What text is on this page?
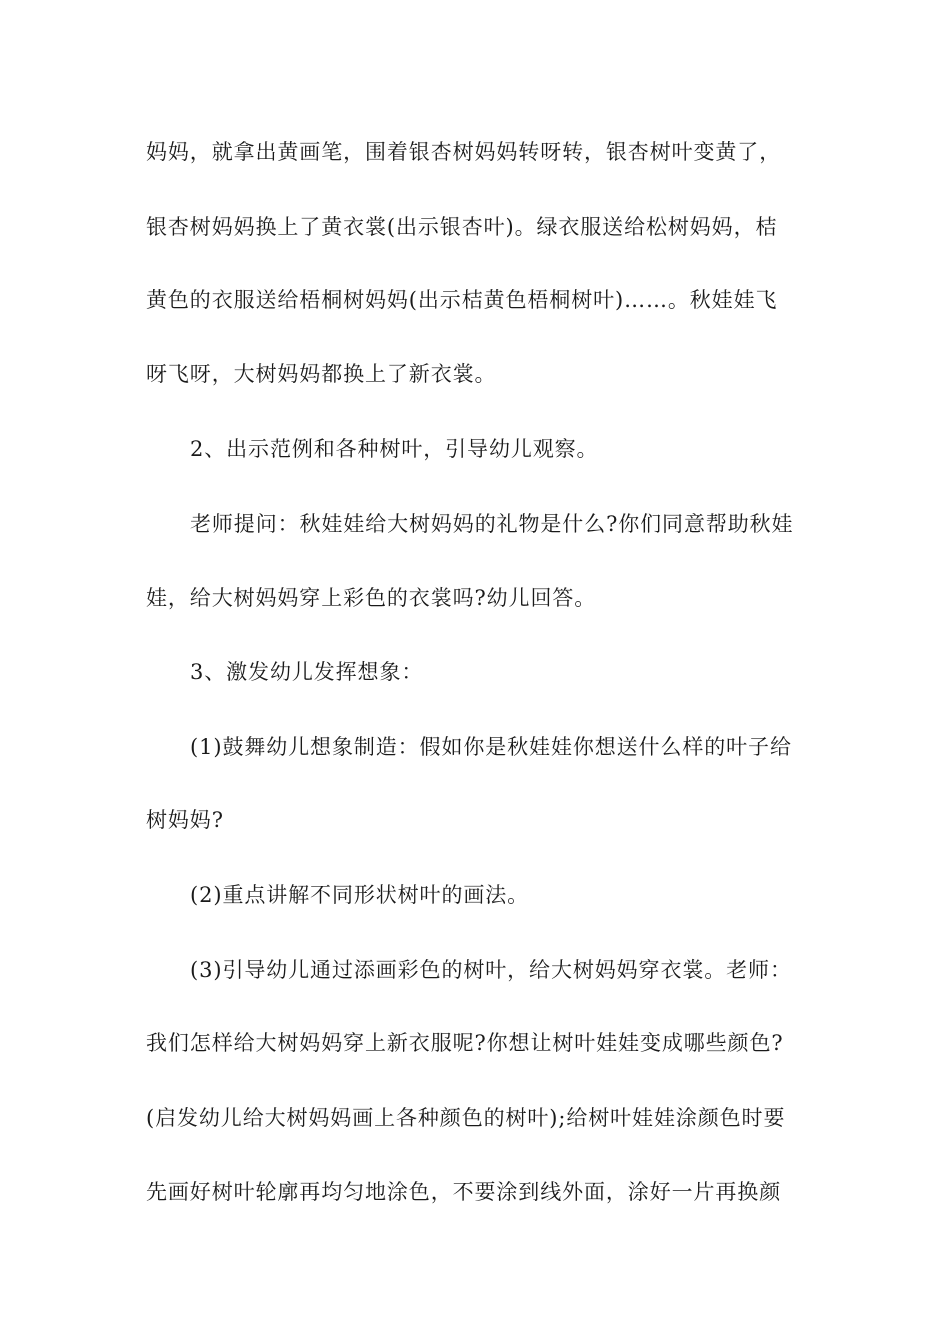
妈妈，就拿出黄画笔，围着银杏树妈妈转呀转，银杏树叶变黄了，
银杏树妈妈换上了黄衣裳(出示银杏叶)。绿衣服送给松树妈妈，桔
黄色的衣服送给梧桐树妈妈(出示桔黄色梧桐树叶)……。秋娃娃飞
呀飞呀，大树妈妈都换上了新衣裳。
2、出示范例和各种树叶，引导幼儿观察。
老师提问：秋娃娃给大树妈妈的礼物是什么?你们同意帮助秋娃
娃，给大树妈妈穿上彩色的衣裳吗?幼儿回答。
3、激发幼儿发挥想象：
(1)鼓舞幼儿想象制造：假如你是秋娃娃你想送什么样的叶子给
树妈妈?
(2)重点讲解不同形状树叶的画法。
(3)引导幼儿通过添画彩色的树叶，给大树妈妈穿衣裳。老师：
我们怎样给大树妈妈穿上新衣服呢?你想让树叶娃娃变成哪些颜色?
(启发幼儿给大树妈妈画上各种颜色的树叶);给树叶娃娃涂颜色时要
先画好树叶轮廓再均匀地涂色，不要涂到线外面，涂好一片再换颜
